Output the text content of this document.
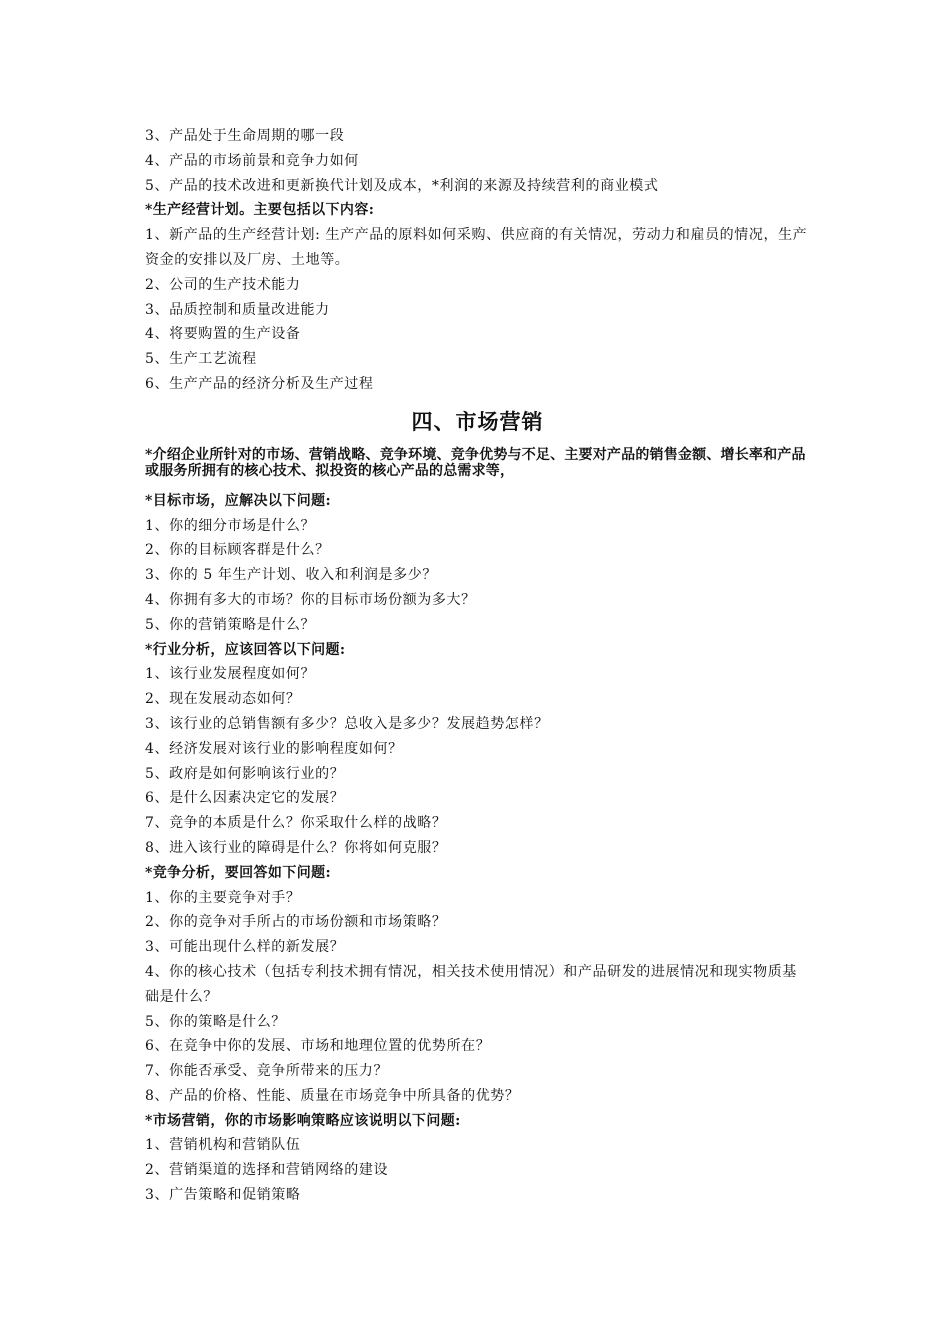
3、产品处于生命周期的哪一段
4、产品的市场前景和竞争力如何
5、产品的技术改进和更新换代计划及成本，*利润的来源及持续营利的商业模式
*生产经营计划。主要包括以下内容:
1、新产品的生产经营计划: 生产产品的原料如何采购、供应商的有关情况，劳动力和雇员的情况，生产资金的安排以及厂房、土地等。
2、公司的生产技术能力
3、品质控制和质量改进能力
4、将要购置的生产设备
5、生产工艺流程
6、生产产品的经济分析及生产过程
四、市场营销
*介绍企业所针对的市场、营销战略、竞争环境、竞争优势与不足、主要对产品的销售金额、增长率和产品或服务所拥有的核心技术、拟投资的核心产品的总需求等，
*目标市场，应解决以下问题:
1、你的细分市场是什么？
2、你的目标顾客群是什么？
3、你的 5 年生产计划、收入和利润是多少？
4、你拥有多大的市场？你的目标市场份额为多大？
5、你的营销策略是什么？
*行业分析，应该回答以下问题:
1、该行业发展程度如何？
2、现在发展动态如何？
3、该行业的总销售额有多少？总收入是多少？发展趋势怎样？
4、经济发展对该行业的影响程度如何？
5、政府是如何影响该行业的？
6、是什么因素决定它的发展？
7、竞争的本质是什么？你采取什么样的战略？
8、进入该行业的障碍是什么？你将如何克服？
*竞争分析，要回答如下问题:
1、你的主要竞争对手？
2、你的竞争对手所占的市场份额和市场策略？
3、可能出现什么样的新发展？
4、你的核心技术（包括专利技术拥有情况，相关技术使用情况）和产品研发的进展情况和现实物质基础是什么？
5、你的策略是什么？
6、在竞争中你的发展、市场和地理位置的优势所在？
7、你能否承受、竞争所带来的压力？
8、产品的价格、性能、质量在市场竞争中所具备的优势？
*市场营销，你的市场影响策略应该说明以下问题:
1、营销机构和营销队伍
2、营销渠道的选择和营销网络的建设
3、广告策略和促销策略
